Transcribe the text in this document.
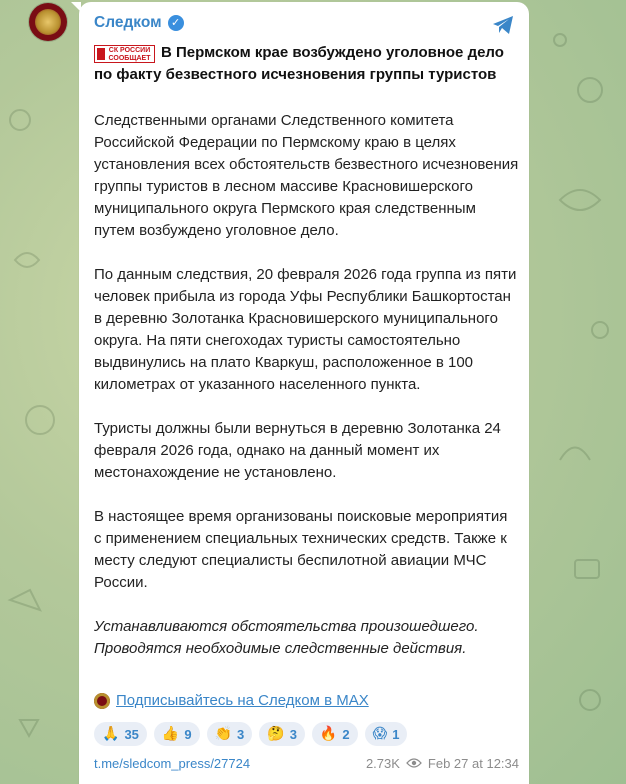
Следком ✓
СК РОССИИ
СООБЩАЕТ В Пермском крае возбуждено уголовное дело по факту безвестного исчезновения группы туристов

Следственными органами Следственного комитета Российской Федерации по Пермскому краю в целях установления всех обстоятельств безвестного исчезновения группы туристов в лесном массиве Красновишерского муниципального округа Пермского края следственным путем возбуждено уголовное дело.

По данным следствия, 20 февраля 2026 года группа из пяти человек прибыла из города Уфы Республики Башкортостан в деревню Золотанка Красновишерского муниципального округа. На пяти снегоходах туристы самостоятельно выдвинулись на плато Кваркуш, расположенное в 100 километрах от указанного населенного пункта.

Туристы должны были вернуться в деревню Золотанка 24 февраля 2026 года, однако на данный момент их местонахождение не установлено.

В настоящее время организованы поисковые мероприятия с применением специальных технических средств. Также к месту следуют специалисты беспилотной авиации МЧС России.

Устанавливаются обстоятельства произошедшего. Проводятся необходимые следственные действия.

Подписывайтесь на Следком в MAX
🙏 35 👍 9 👏 3 🤔 3 🔥 2 😱 1
t.me/sledcom_press/27724	2.73K Feb 27 at 12:34
